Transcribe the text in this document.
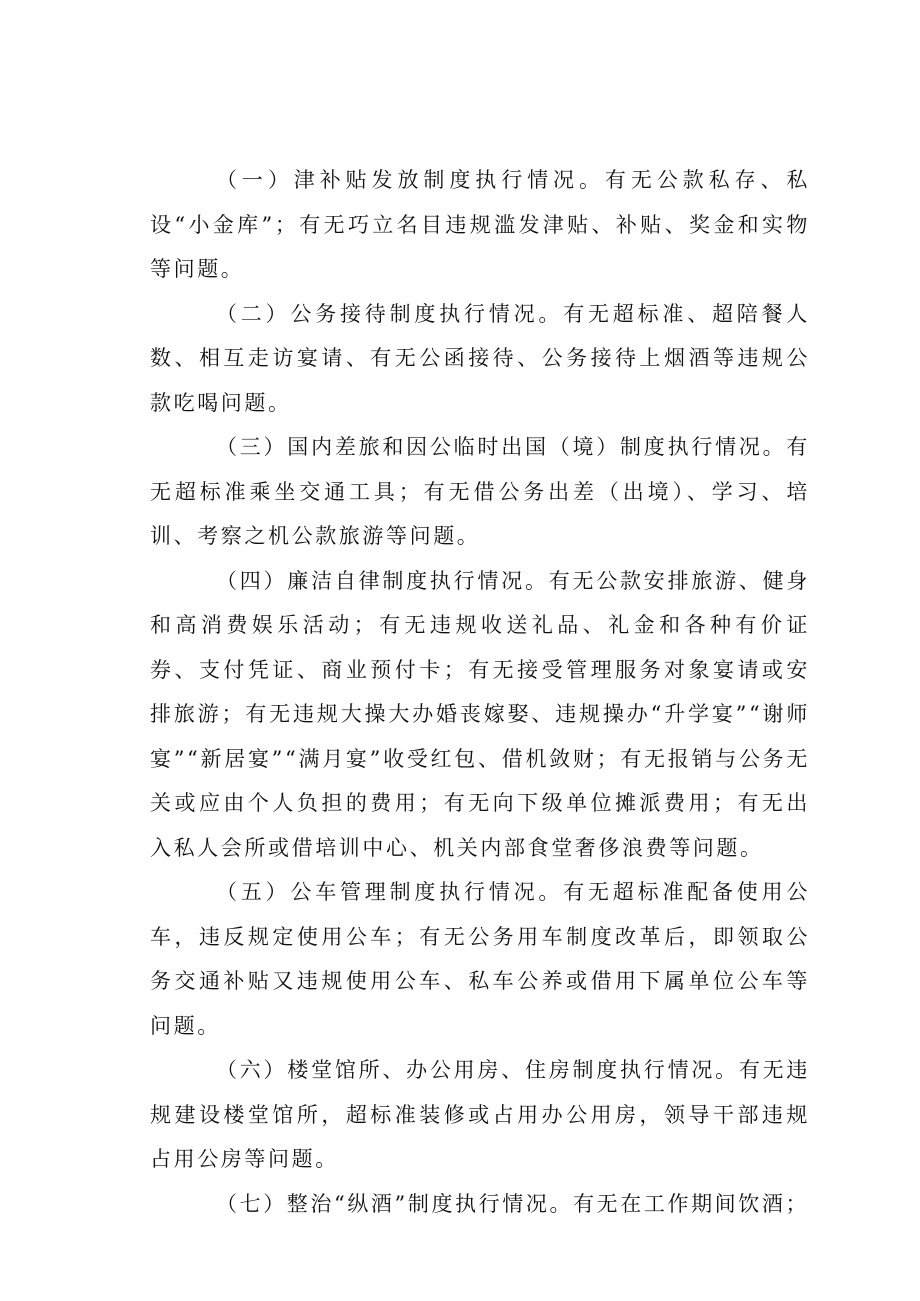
（一）津补贴发放制度执行情况。有无公款私存、私设“小金库”；有无巧立名目违规滥发津贴、补贴、奖金和实物等问题。

（二）公务接待制度执行情况。有无超标准、超陪餐人数、相互走访宴请、有无公函接待、公务接待上烟酒等违规公款吃喝问题。

（三）国内差旅和因公临时出国（境）制度执行情况。有无超标准乘坐交通工具；有无借公务出差（出境）、学习、培训、考察之机公款旅游等问题。

（四）廉洁自律制度执行情况。有无公款安排旅游、健身和高消费娱乐活动；有无违规收送礼品、礼金和各种有价证券、支付凭证、商业预付卡；有无接受管理服务对象宴请或安排旅游；有无违规大操大办婚丧嫁娶、违规操办“升学宴”“谢师宴”“新居宴”“满月宴”收受红包、借机敛财；有无报销与公务无关或应由个人负担的费用；有无向下级单位摊派费用；有无出入私人会所或借培训中心、机关内部食堂奢侈浪费等问题。

（五）公车管理制度执行情况。有无超标准配备使用公车，违反规定使用公车；有无公务用车制度改革后，即领取公务交通补贴又违规使用公车、私车公养或借用下属单位公车等问题。

（六）楼堂馆所、办公用房、住房制度执行情况。有无违规建设楼堂馆所，超标准装修或占用办公用房，领导干部违规占用公房等问题。

（七）整治“纵酒”制度执行情况。有无在工作期间饮酒；
